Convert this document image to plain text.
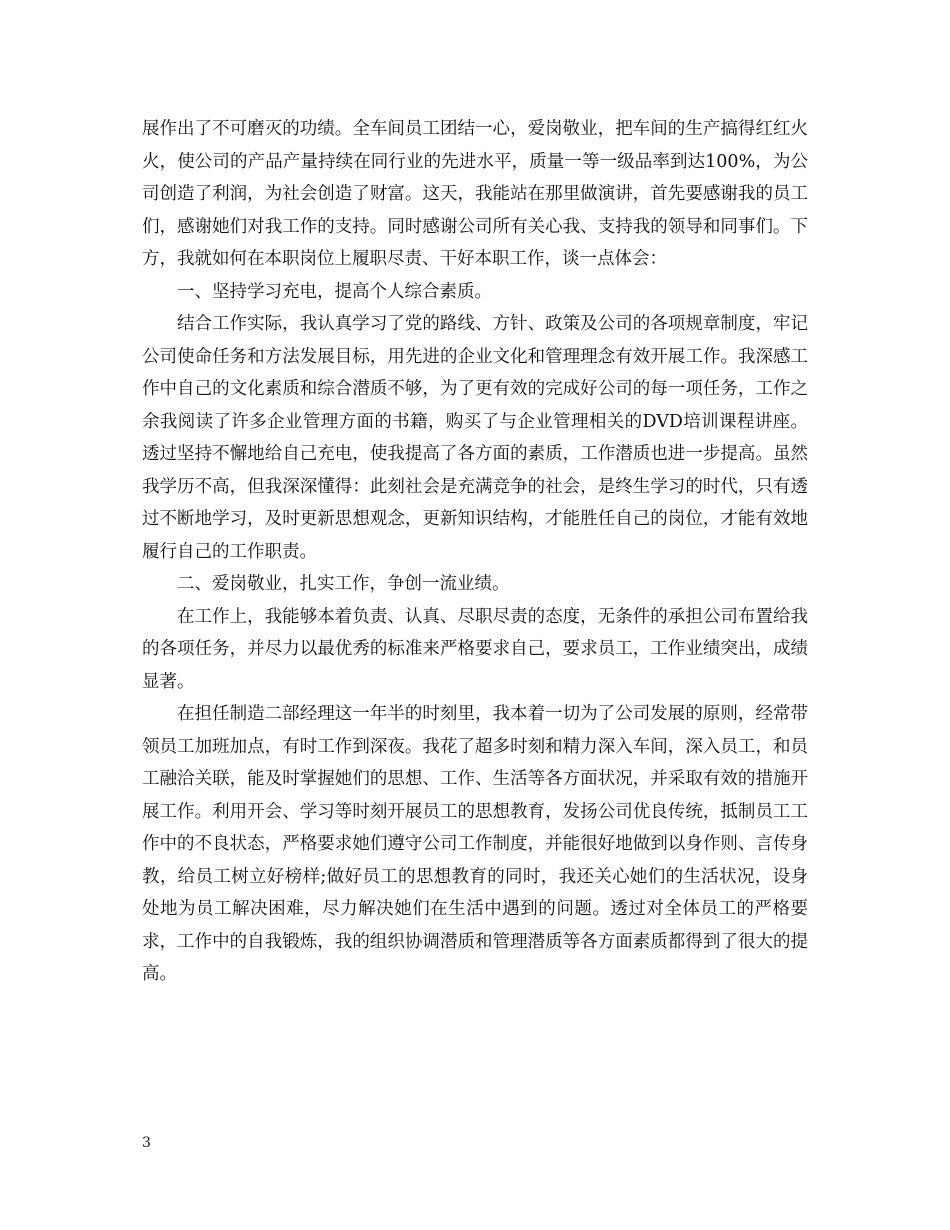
展作出了不可磨灭的功绩。全车间员工团结一心，爱岗敬业，把车间的生产搞得红红火火，使公司的产品产量持续在同行业的先进水平，质量一等一级品率到达100%，为公司创造了利润，为社会创造了财富。这天，我能站在那里做演讲，首先要感谢我的员工们，感谢她们对我工作的支持。同时感谢公司所有关心我、支持我的领导和同事们。下方，我就如何在本职岗位上履职尽责、干好本职工作，谈一点体会：

一、坚持学习充电，提高个人综合素质。

结合工作实际，我认真学习了党的路线、方针、政策及公司的各项规章制度，牢记公司使命任务和方法发展目标，用先进的企业文化和管理理念有效开展工作。我深感工作中自己的文化素质和综合潜质不够，为了更有效的完成好公司的每一项任务，工作之余我阅读了许多企业管理方面的书籍，购买了与企业管理相关的DVD培训课程讲座。透过坚持不懈地给自己充电，使我提高了各方面的素质，工作潜质也进一步提高。虽然我学历不高，但我深深懂得：此刻社会是充满竞争的社会，是终生学习的时代，只有透过不断地学习，及时更新思想观念，更新知识结构，才能胜任自己的岗位，才能有效地履行自己的工作职责。

二、爱岗敬业，扎实工作，争创一流业绩。

在工作上，我能够本着负责、认真、尽职尽责的态度，无条件的承担公司布置给我的各项任务，并尽力以最优秀的标准来严格要求自己，要求员工，工作业绩突出，成绩显著。

在担任制造二部经理这一年半的时刻里，我本着一切为了公司发展的原则，经常带领员工加班加点，有时工作到深夜。我花了超多时刻和精力深入车间，深入员工，和员工融洽关联，能及时掌握她们的思想、工作、生活等各方面状况，并采取有效的措施开展工作。利用开会、学习等时刻开展员工的思想教育，发扬公司优良传统，抵制员工工作中的不良状态，严格要求她们遵守公司工作制度，并能很好地做到以身作则、言传身教，给员工树立好榜样;做好员工的思想教育的同时，我还关心她们的生活状况，设身处地为员工解决困难，尽力解决她们在生活中遇到的问题。透过对全体员工的严格要求，工作中的自我锻炼，我的组织协调潜质和管理潜质等各方面素质都得到了很大的提高。

3
